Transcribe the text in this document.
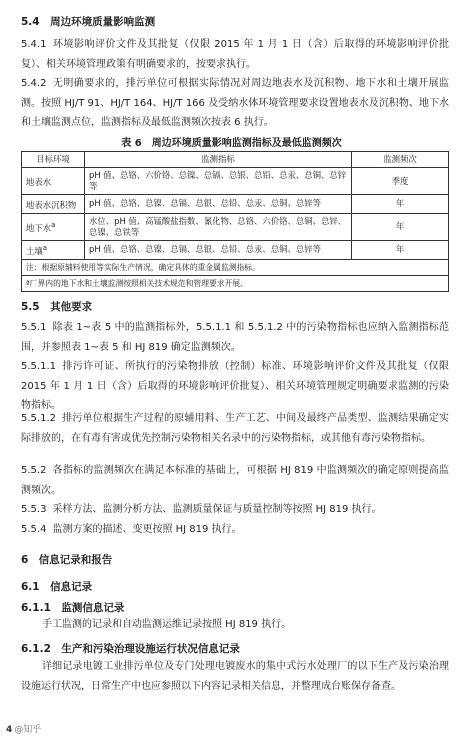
5.4　周边环境质量影响监测
5.4.1 环境影响评价文件及其批复（仅限 2015 年 1 月 1 日（含）后取得的环境影响评价批复）、相关环境管理政策有明确要求的，按要求执行。
5.4.2 无明确要求的，排污单位可根据实际情况对周边地表水及沉积物、地下水和土壤开展监测。按照 HJ/T 91、HJ/T 164、HJ/T 166 及受纳水体环境管理要求设置地表水及沉积物、地下水和土壤监测点位，监测指标及最低监测频次按表 6 执行。
表 6　周边环境质量影响监测指标及最低监测频次
目标环境	监测指标	监测频次
地表水	pH 值、总铬、六价铬、总镍、总镉、总银、总铅、总汞、总铜、总锌等	季度
地表水沉积物	pH 值、总铬、总镍、总镉、总银、总铅、总汞、总铜、总锌等	年
地下水$^a$	水位、pH 值、高锰酸盐指数、氰化物、总铬、六价铬、总铜、总锌、总镍、总铁等	年
土壤$^a$	pH 值、总铬、总镍、总镉、总银、总铅、总汞、总铜、总锌等	年
注：根据原辅料使用等实际生产情况，确定具体的重金属监测指标。		
ª厂界内的地下水和土壤监测按照相关技术规范和管理要求开展。		
5.5　其他要求
5.5.1 除表 1~表 5 中的监测指标外，5.5.1.1 和 5.5.1.2 中的污染物指标也应纳入监测指标范围，并参照表 1~表 5 和 HJ 819 确定监测频次。
5.5.1.1 排污许可证、所执行的污染物排放（控制）标准、环境影响评价文件及其批复（仅限 2015 年 1 月 1 日（含）后取得的环境影响评价批复）、相关环境管理规定明确要求监测的污染物指标。
5.5.1.2 排污单位根据生产过程的原辅用料、生产工艺、中间及最终产品类型、监测结果确定实际排放的，在有毒有害或优先控制污染物相关名录中的污染物指标，或其他有毒污染物指标。
5.5.2 各指标的监测频次在满足本标准的基础上，可根据 HJ 819 中监测频次的确定原则提高监测频次。
5.5.3 采样方法、监测分析方法、监测质量保证与质量控制等按照 HJ 819 执行。
5.5.4 监测方案的描述、变更按照 HJ 819 执行。
6　信息记录和报告
6.1　信息记录
6.1.1　监测信息记录
手工监测的记录和自动监测运维记录按照 HJ 819 执行。
6.1.2　生产和污染治理设施运行状况信息记录
详细记录电镀工业排污单位及专门处理电镀废水的集中式污水处理厂的以下生产及污染治理设施运行状况，日常生产中也应参照以下内容记录相关信息，并整理成台账保存备查。
4 @知乎
